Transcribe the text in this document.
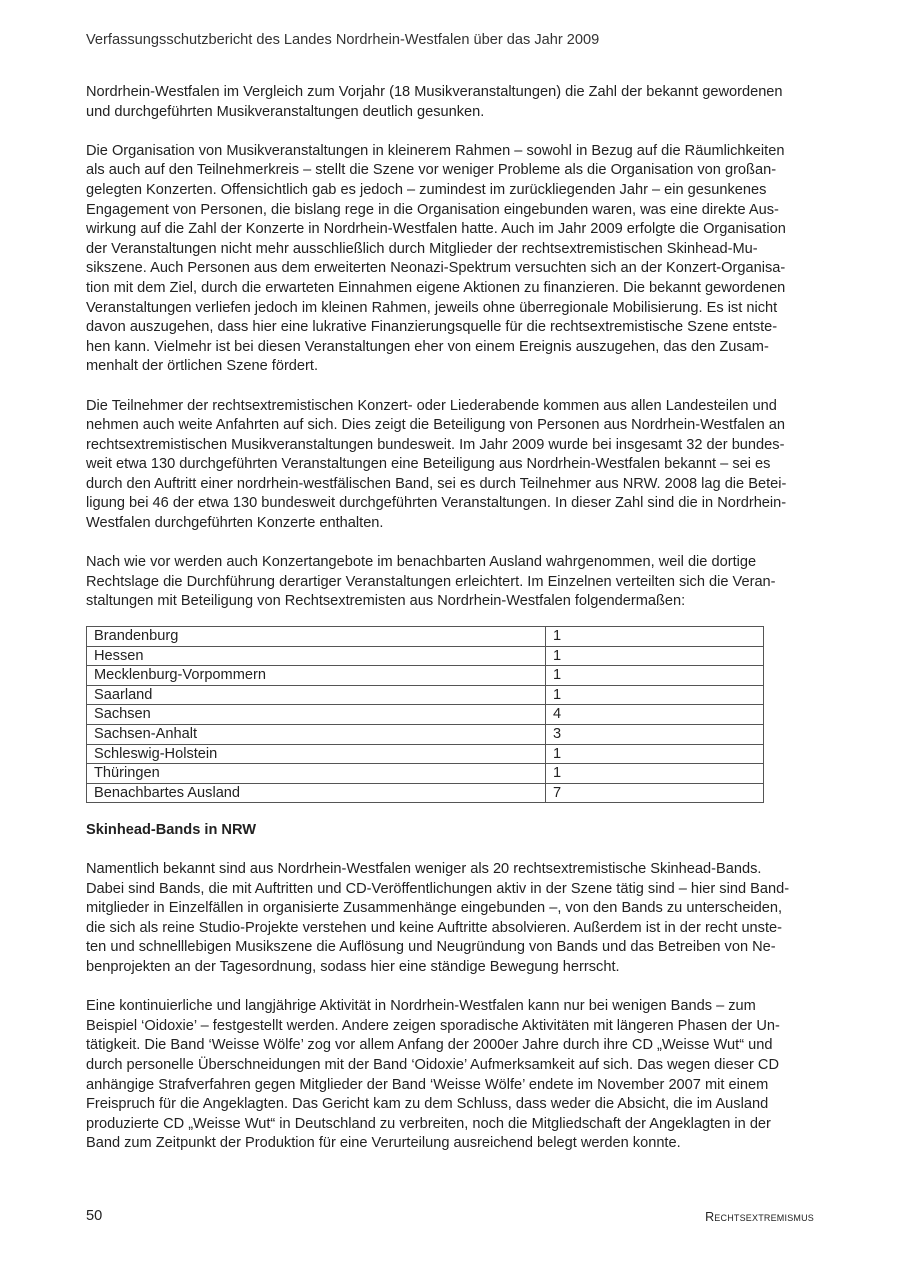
Verfassungsschutzbericht des Landes Nordrhein-Westfalen über das Jahr 2009

Nordrhein-Westfalen im Vergleich zum Vorjahr (18 Musikveranstaltungen) die Zahl der bekannt gewordenen
und durchgeführten Musikveranstaltungen deutlich gesunken.

Die Organisation von Musikveranstaltungen in kleinerem Rahmen – sowohl in Bezug auf die Räumlichkeiten
als auch auf den Teilnehmerkreis – stellt die Szene vor weniger Probleme als die Organisation von großan-
gelegten Konzerten. Offensichtlich gab es jedoch – zumindest im zurückliegenden Jahr – ein gesunkenes
Engagement von Personen, die bislang rege in die Organisation eingebunden waren, was eine direkte Aus-
wirkung auf die Zahl der Konzerte in Nordrhein-Westfalen hatte. Auch im Jahr 2009 erfolgte die Organisation
der Veranstaltungen nicht mehr ausschließlich durch Mitglieder der rechtsextremistischen Skinhead-Mu-
sikszene. Auch Personen aus dem erweiterten Neonazi-Spektrum versuchten sich an der Konzert-Organisa-
tion mit dem Ziel, durch die erwarteten Einnahmen eigene Aktionen zu finanzieren. Die bekannt gewordenen
Veranstaltungen verliefen jedoch im kleinen Rahmen, jeweils ohne überregionale Mobilisierung. Es ist nicht
davon auszugehen, dass hier eine lukrative Finanzierungsquelle für die rechtsextremistische Szene entste-
hen kann. Vielmehr ist bei diesen Veranstaltungen eher von einem Ereignis auszugehen, das den Zusam-
menhalt der örtlichen Szene fördert.

Die Teilnehmer der rechtsextremistischen Konzert- oder Liederabende kommen aus allen Landesteilen und
nehmen auch weite Anfahrten auf sich. Dies zeigt die Beteiligung von Personen aus Nordrhein-Westfalen an
rechtsextremistischen Musikveranstaltungen bundesweit. Im Jahr 2009 wurde bei insgesamt 32 der bundes-
weit etwa 130 durchgeführten Veranstaltungen eine Beteiligung aus Nordrhein-Westfalen bekannt – sei es
durch den Auftritt einer nordrhein-westfälischen Band, sei es durch Teilnehmer aus NRW. 2008 lag die Betei-
ligung bei 46 der etwa 130 bundesweit durchgeführten Veranstaltungen. In dieser Zahl sind die in Nordrhein-
Westfalen durchgeführten Konzerte enthalten.

Nach wie vor werden auch Konzertangebote im benachbarten Ausland wahrgenommen, weil die dortige
Rechtslage die Durchführung derartiger Veranstaltungen erleichtert. Im Einzelnen verteilten sich die Veran-
staltungen mit Beteiligung von Rechtsextremisten aus Nordrhein-Westfalen folgendermaßen:

Brandenburg	1
Hessen	1
Mecklenburg-Vorpommern	1
Saarland	1
Sachsen	4
Sachsen-Anhalt	3
Schleswig-Holstein	1
Thüringen	1
Benachbartes Ausland	7
Skinhead-Bands in NRW

Namentlich bekannt sind aus Nordrhein-Westfalen weniger als 20 rechtsextremistische Skinhead-Bands.
Dabei sind Bands, die mit Auftritten und CD-Veröffentlichungen aktiv in der Szene tätig sind – hier sind Band-
mitglieder in Einzelfällen in organisierte Zusammenhänge eingebunden –, von den Bands zu unterscheiden,
die sich als reine Studio-Projekte verstehen und keine Auftritte absolvieren. Außerdem ist in der recht unste-
ten und schnelllebigen Musikszene die Auflösung und Neugründung von Bands und das Betreiben von Ne-
benprojekten an der Tagesordnung, sodass hier eine ständige Bewegung herrscht.

Eine kontinuierliche und langjährige Aktivität in Nordrhein-Westfalen kann nur bei wenigen Bands – zum
Beispiel ‘Oidoxie’ – festgestellt werden. Andere zeigen sporadische Aktivitäten mit längeren Phasen der Un-
tätigkeit. Die Band ‘Weisse Wölfe’ zog vor allem Anfang der 2000er Jahre durch ihre CD „Weisse Wut“ und
durch personelle Überschneidungen mit der Band ‘Oidoxie’ Aufmerksamkeit auf sich. Das wegen dieser CD
anhängige Strafverfahren gegen Mitglieder der Band ‘Weisse Wölfe’ endete im November 2007 mit einem
Freispruch für die Angeklagten. Das Gericht kam zu dem Schluss, dass weder die Absicht, die im Ausland
produzierte CD „Weisse Wut“ in Deutschland zu verbreiten, noch die Mitgliedschaft der Angeklagten in der
Band zum Zeitpunkt der Produktion für eine Verurteilung ausreichend belegt werden konnte.

50	Rechtsextremismus
